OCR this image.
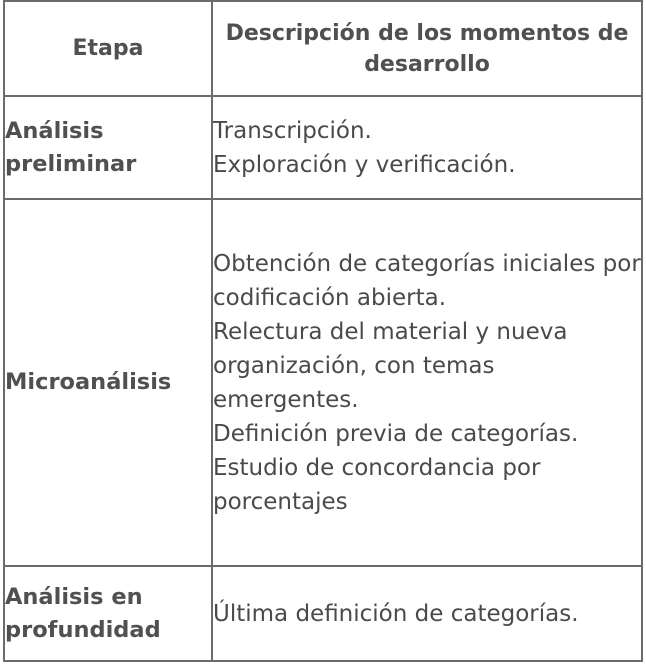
Etapa	Descripción de los momentos de desarrollo
Análisis preliminar	Transcripción.
Exploración y verificación.

Microanálisis	Obtención de categorías iniciales por codificación abierta.
Relectura del material y nueva organización, con temas emergentes.
Definición previa de categorías.
Estudio de concordancia por porcentajes

Análisis en profundidad	Última definición de categorías.
